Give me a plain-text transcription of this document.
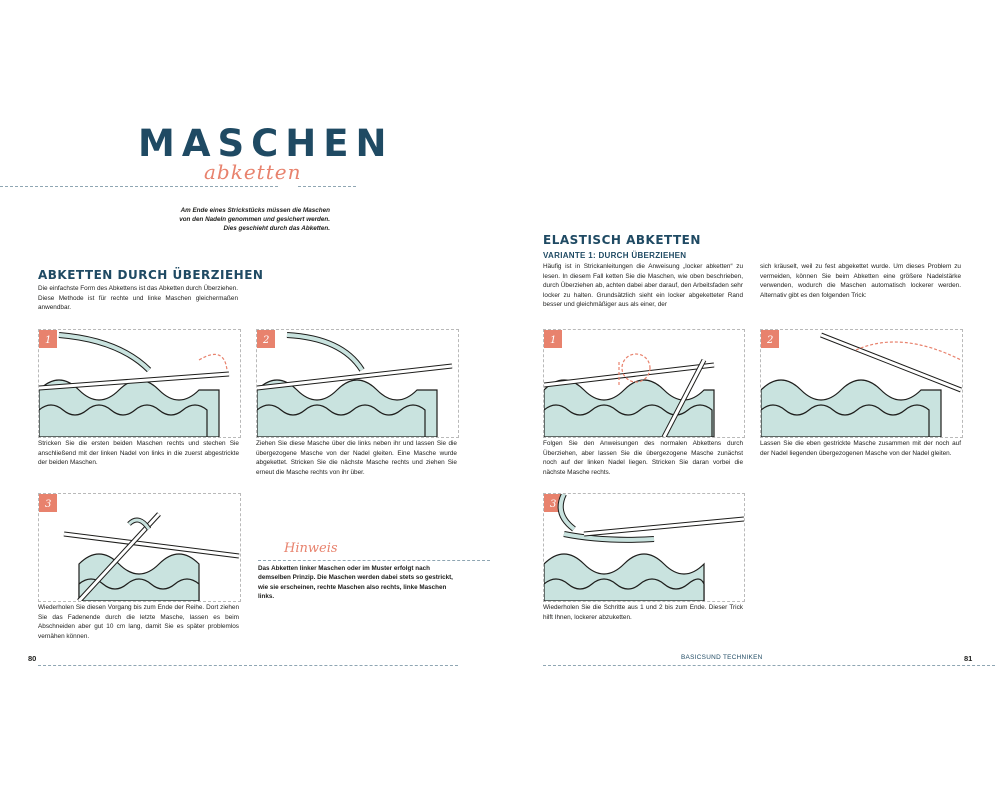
MASCHEN
abketten
Am Ende eines Strickstücks müssen die Maschen
von den Nadeln genommen und gesichert werden.
Dies geschieht durch das Abketten.
ABKETTEN DURCH ÜBERZIEHEN
Die einfachste Form des Abkettens ist das Abketten durch Überziehen. Diese Methode ist für rechte und linke Maschen gleichermaßen anwendbar.
1	2
Stricken Sie die ersten beiden Maschen rechts und stechen Sie anschließend mit der linken Nadel von links in die zuerst abgestrickte der beiden Maschen.
Ziehen Sie diese Masche über die links neben ihr und lassen Sie die übergezogene Masche von der Nadel gleiten. Eine Masche wurde abgekettet. Stricken Sie die nächste Masche rechts und ziehen Sie erneut die Masche rechts von ihr über.
3
Wiederholen Sie diesen Vorgang bis zum Ende der Reihe. Dort ziehen Sie das Fadenende durch die letzte Masche, lassen es beim Abschneiden aber gut 10 cm lang, damit Sie es später problemlos vernähen können.
Hinweis
Das Abketten linker Maschen oder im Muster erfolgt nach demselben Prinzip. Die Maschen werden dabei stets so gestrickt, wie sie erscheinen, rechte Maschen also rechts, linke Maschen links.
ELASTISCH ABKETTEN
VARIANTE 1: DURCH ÜBERZIEHEN
Häufig ist in Strickanleitungen die Anweisung „locker abketten“ zu lesen. In diesem Fall ketten Sie die Maschen, wie oben beschrieben, durch Überziehen ab, achten dabei aber darauf, den Arbeitsfaden sehr locker zu halten. Grundsätzlich sieht ein locker abgeketteter Rand besser und gleichmäßiger aus als einer, der
sich kräuselt, weil zu fest abgekettet wurde. Um dieses Problem zu vermeiden, können Sie beim Abketten eine größere Nadelstärke verwenden, wodurch die Maschen automatisch lockerer werden. Alternativ gibt es den folgenden Trick:
1	2
Folgen Sie den Anweisungen des normalen Abkettens durch Überziehen, aber lassen Sie die übergezogene Masche zunächst noch auf der linken Nadel liegen. Stricken Sie daran vorbei die nächste Masche rechts.
Lassen Sie die eben gestrickte Masche zusammen mit der noch auf der Nadel liegenden übergezogenen Masche von der Nadel gleiten.
3
Wiederholen Sie die Schritte aus 1 und 2 bis zum Ende. Dieser Trick hilft Ihnen, lockerer abzuketten.
80	BASICSUND TECHNIKEN	81
